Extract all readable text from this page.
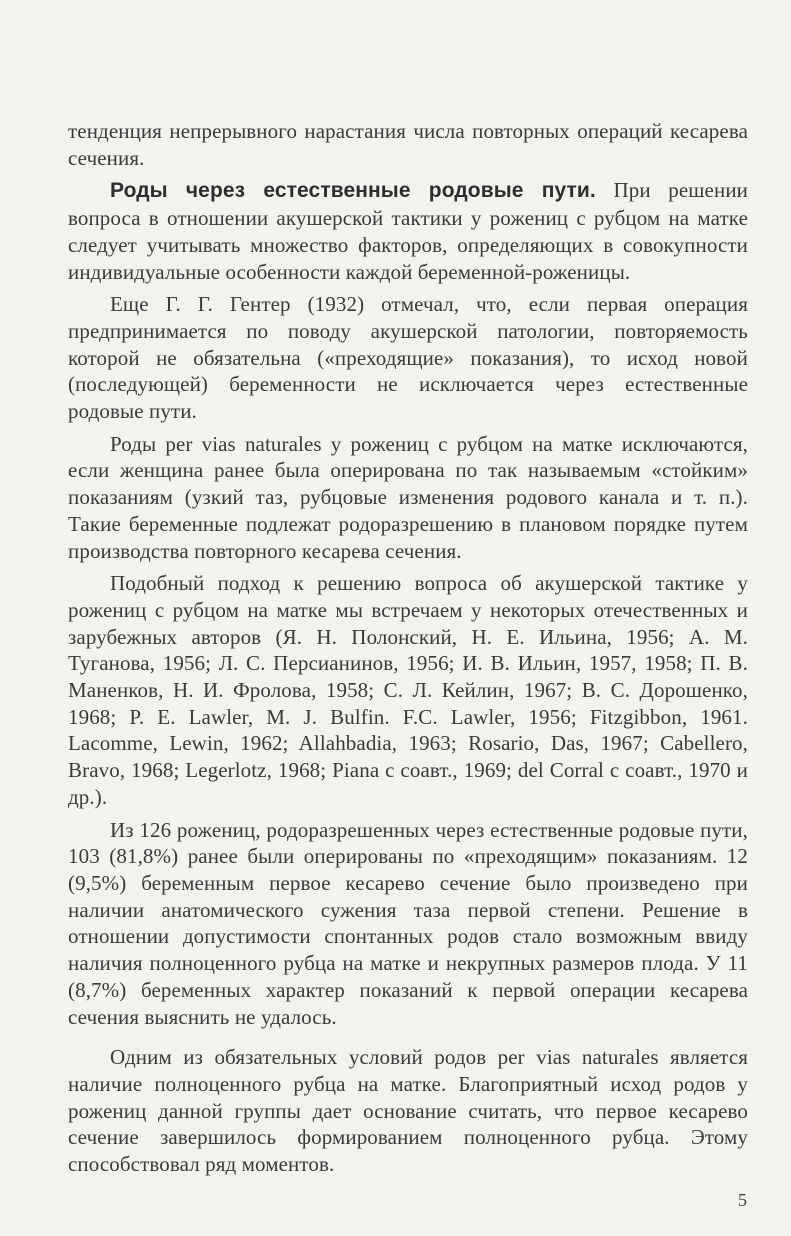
тенденция непрерывного нарастания числа повторных операций кесарева сечения.

Роды через естественные родовые пути. При решении вопроса в отношении акушерской тактики у рожениц с рубцом на матке следует учитывать множество факторов, определяющих в совокупности индивидуальные особенности каждой беременной-роженицы.

Еще Г. Г. Гентер (1932) отмечал, что, если первая операция предпринимается по поводу акушерской патологии, повторяемость которой не обязательна («преходящие» показания), то исход новой (последующей) беременности не исключается через естественные родовые пути.

Роды per vias naturales у рожениц с рубцом на матке исключаются, если женщина ранее была оперирована по так называемым «стойким» показаниям (узкий таз, рубцовые изменения родового канала и т. п.). Такие беременные подлежат родоразрешению в плановом порядке путем производства повторного кесарева сечения.

Подобный подход к решению вопроса об акушерской тактике у рожениц с рубцом на матке мы встречаем у некоторых отечественных и зарубежных авторов (Я. Н. Полонский, Н. Е. Ильина, 1956; А. М. Туганова, 1956; Л. С. Персианинов, 1956; И. В. Ильин, 1957, 1958; П. В. Маненков, Н. И. Фролова, 1958; С. Л. Кейлин, 1967; В. С. Дорошенко, 1968; P. E. Lawler, M. J. Bulfin. F.C. Lawler, 1956; Fitzgibbon, 1961. Lacomme, Lewin, 1962; Allahbadia, 1963; Rosario, Das, 1967; Cabellero, Bravo, 1968; Legerlotz, 1968; Piana с соавт., 1969; del Corral с соавт., 1970 и др.).

Из 126 рожениц, родоразрешенных через естественные родовые пути, 103 (81,8%) ранее были оперированы по «преходящим» показаниям. 12 (9,5%) беременным первое кесарево сечение было произведено при наличии анатомического сужения таза первой степени. Решение в отношении допустимости спонтанных родов стало возможным ввиду наличия полноценного рубца на матке и некрупных размеров плода. У 11 (8,7%) беременных характер показаний к первой операции кесарева сечения выяснить не удалось.

Одним из обязательных условий родов per vias naturales является наличие полноценного рубца на матке. Благоприятный исход родов у рожениц данной группы дает основание считать, что первое кесарево сечение завершилось формированием полноценного рубца. Этому способствовал ряд моментов.

5
